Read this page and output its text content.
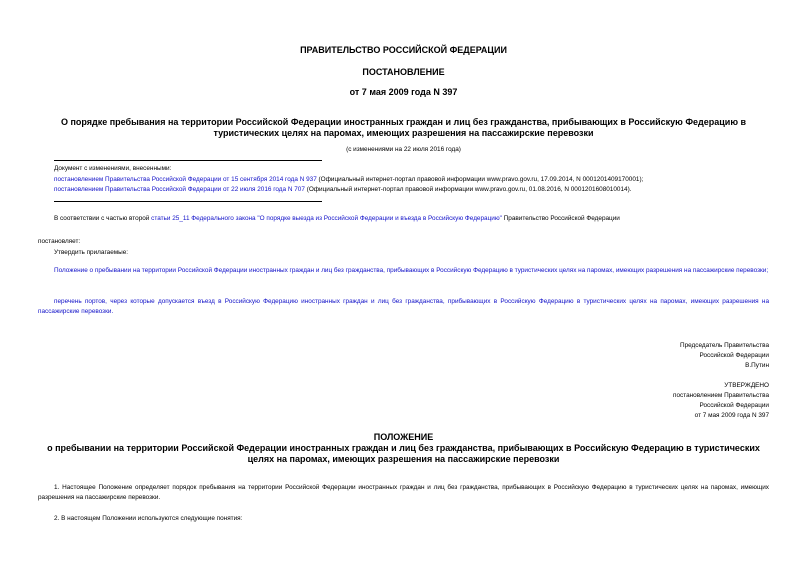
ПРАВИТЕЛЬСТВО РОССИЙСКОЙ ФЕДЕРАЦИИ
ПОСТАНОВЛЕНИЕ
от 7 мая 2009 года N 397
О порядке пребывания на территории Российской Федерации иностранных граждан и лиц без гражданства, прибывающих в Российскую Федерацию в
туристических целях на паромах, имеющих разрешения на пассажирские перевозки
(с изменениями на 22 июля 2016 года)
Документ с изменениями, внесенными:
постановлением Правительства Российской Федерации от 15 сентября 2014 года N 937 (Официальный интернет-портал правовой информации www.pravo.gov.ru, 17.09.2014, N 0001201409170001);
постановлением Правительства Российской Федерации от 22 июля 2016 года N 707 (Официальный интернет-портал правовой информации www.pravo.gov.ru, 01.08.2016, N 0001201608010014).
В соответствии с частью второй статьи 25_11 Федерального закона "О порядке выезда из Российской Федерации и въезда в Российскую Федерацию" Правительство Российской Федерации
постановляет:
Утвердить прилагаемые:
Положение о пребывании на территории Российской Федерации иностранных граждан и лиц без гражданства, прибывающих в Российскую Федерацию в туристических целях на паромах, имеющих разрешения на пассажирские перевозки;
перечень портов, через которые допускается въезд в Российскую Федерацию иностранных граждан и лиц без гражданства, прибывающих в Российскую Федерацию в туристических целях на паромах, имеющих разрешения на пассажирские перевозки.
Председатель Правительства
Российской Федерации
В.Путин
УТВЕРЖДЕНО
постановлением Правительства
Российской Федерации
от 7 мая 2009 года N 397
ПОЛОЖЕНИЕ
о пребывании на территории Российской Федерации иностранных граждан и лиц без гражданства, прибывающих в Российскую Федерацию в туристических
целях на паромах, имеющих разрешения на пассажирские перевозки
1. Настоящее Положение определяет порядок пребывания на территории Российской Федерации иностранных граждан и лиц без гражданства, прибывающих в Российскую Федерацию в туристических целях на паромах, имеющих разрешения на пассажирские перевозки.
2. В настоящем Положении используются следующие понятия:
